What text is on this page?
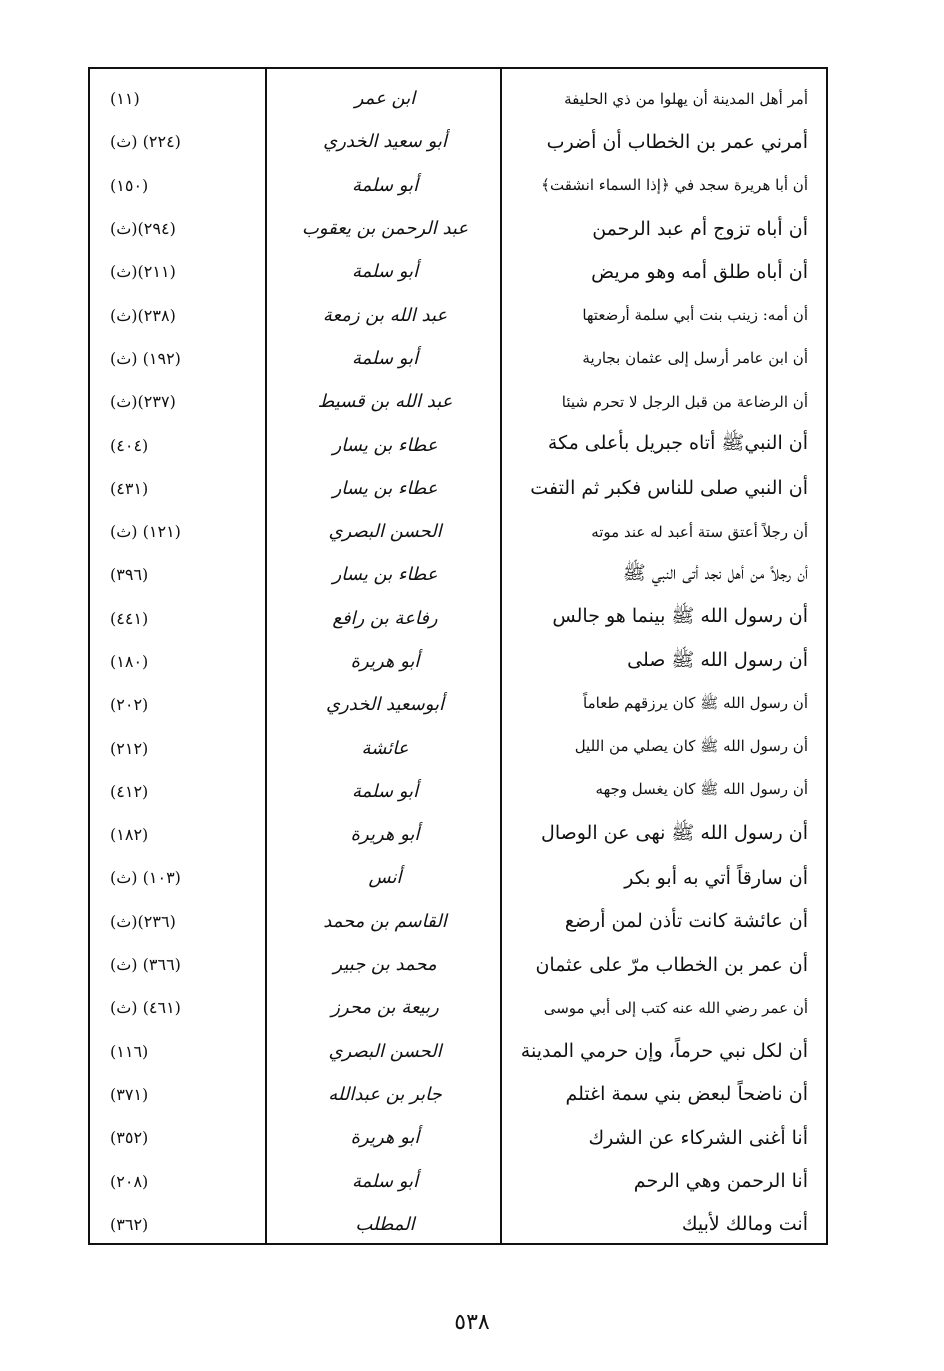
أمر أهل المدينة أن يهلوا من ذي الحليفة
ابن عمر
(١١)
أمرني عمر بن الخطاب أن أضرب
أبو سعيد الخدري
(٢٢٤) (ث)
أن أبا هريرة سجد في ﴿إذا السماء انشقت﴾
أبو سلمة
(١٥٠)
أن أباه تزوج أم عبد الرحمن
عبد الرحمن بن يعقوب
(٢٩٤)(ث)
أن أباه طلق أمه وهو مريض
أبو سلمة
(٢١١)(ث)
أن أمه: زينب بنت أبي سلمة أرضعتها
عبد الله بن زمعة
(٢٣٨)(ث)
أن ابن عامر أرسل إلى عثمان بجارية
أبو سلمة
(١٩٢) (ث)
أن الرضاعة من قبل الرجل لا تحرم شيئا
عبد الله بن قسيط
(٢٣٧)(ث)
أن النبيﷺ أتاه جبريل بأعلى مكة
عطاء بن يسار
(٤٠٤)
أن النبي صلى للناس فكبر ثم التفت
عطاء بن يسار
(٤٣١)
أن رجلاً أعتق ستة أعبد له عند موته
الحسن البصري
(١٢١) (ث)
أن رجلاً من أهل نجد أتى النبي ﷺ
عطاء بن يسار
(٣٩٦)
أن رسول الله ﷺ بينما هو جالس
رفاعة بن رافع
(٤٤١)
أن رسول الله ﷺ صلى
أبو هريرة
(١٨٠)
أن رسول الله ﷺ كان يرزقهم طعاماً
أبوسعيد الخدري
(٢٠٢)
أن رسول الله ﷺ كان يصلي من الليل
عائشة
(٢١٢)
أن رسول الله ﷺ كان يغسل وجهه
أبو سلمة
(٤١٢)
أن رسول الله ﷺ نهى عن الوصال
أبو هريرة
(١٨٢)
أن سارقاً أتي به أبو بكر
أنس
(١٠٣) (ث)
أن عائشة كانت تأذن لمن أرضع
القاسم بن محمد
(٢٣٦)(ث)
أن عمر بن الخطاب مرّ على عثمان
محمد بن جبير
(٣٦٦) (ث)
أن عمر رضي الله عنه كتب إلى أبي موسى
ربيعة بن محرز
(٤٦١) (ث)
أن لكل نبي حرماً، وإن حرمي المدينة
الحسن البصري
(١١٦)
أن ناضحاً لبعض بني سمة اغتلم
جابر بن عبدالله
(٣٧١)
أنا أغنى الشركاء عن الشرك
أبو هريرة
(٣٥٢)
أنا الرحمن وهي الرحم
أبو سلمة
(٢٠٨)
أنت ومالك لأبيك
المطلب
(٣٦٢)
٥٣٨
